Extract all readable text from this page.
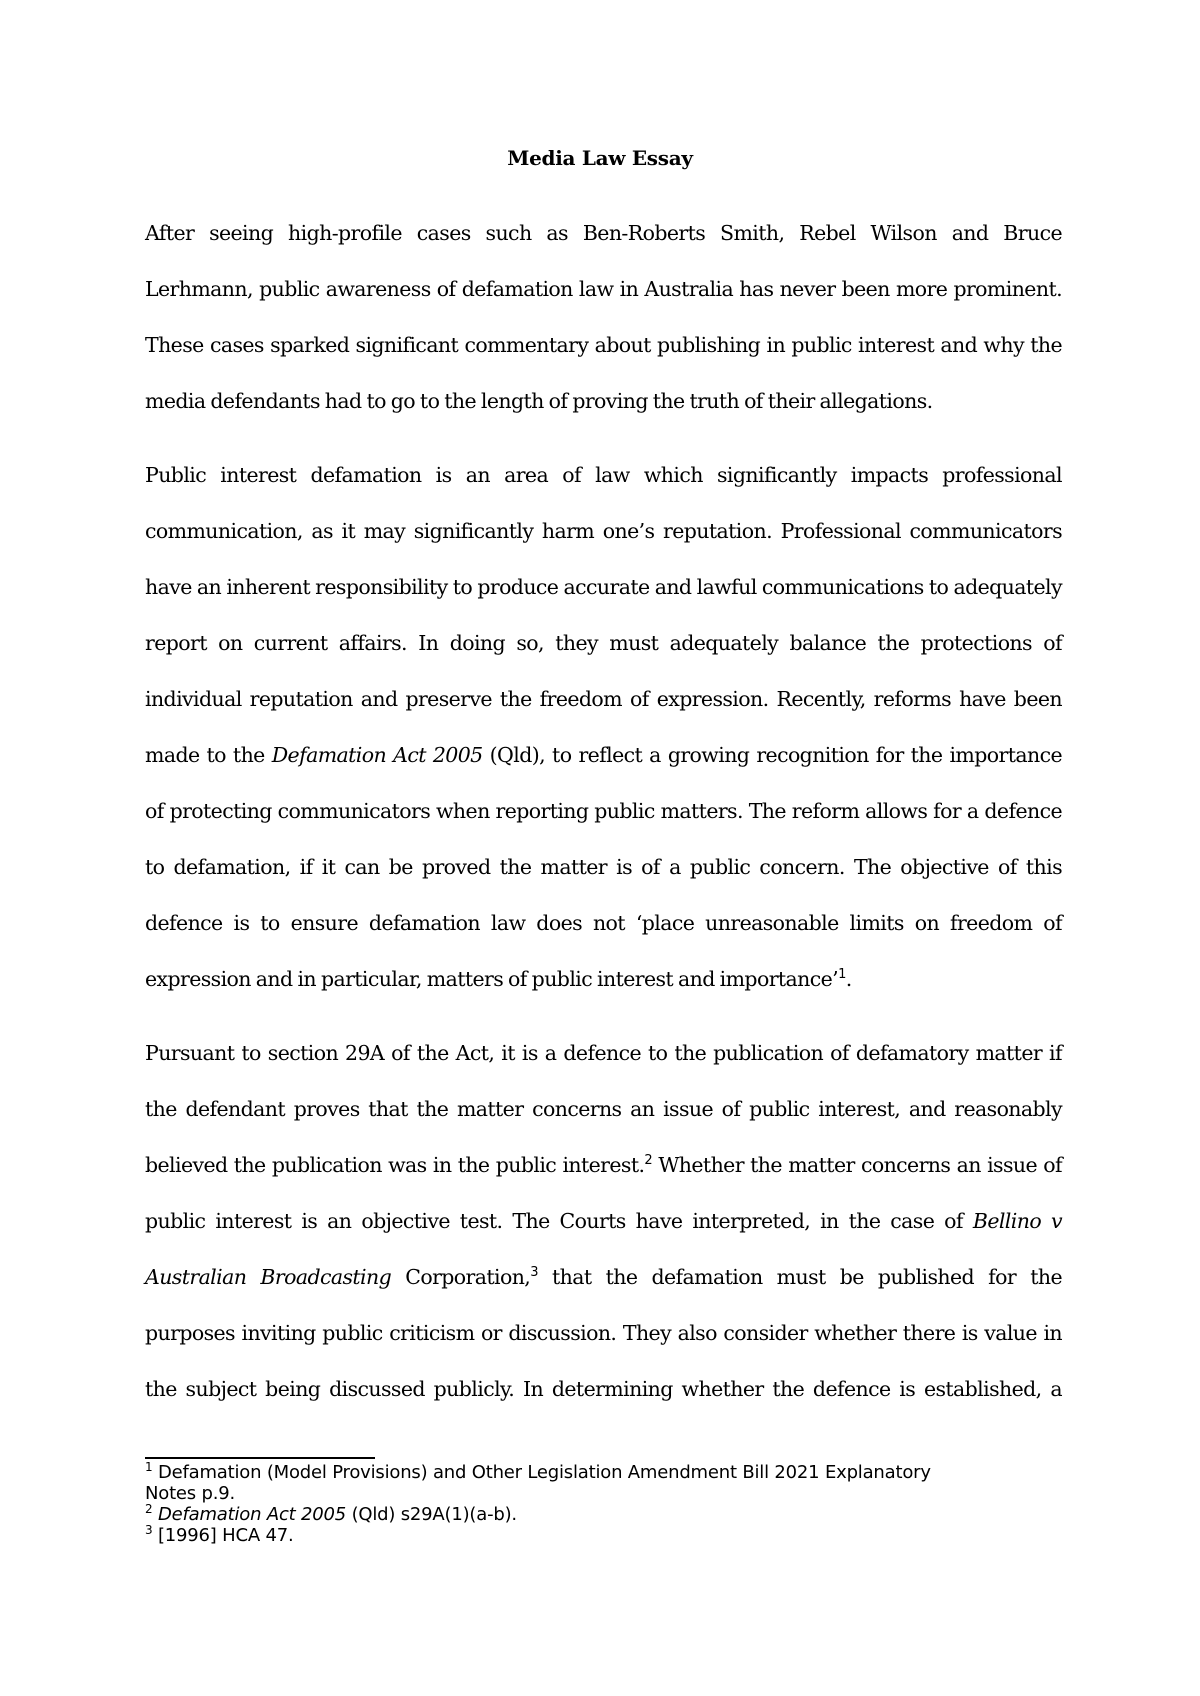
Media Law Essay
After seeing high-profile cases such as Ben-Roberts Smith, Rebel Wilson and Bruce
Lerhmann, public awareness of defamation law in Australia has never been more prominent.
These cases sparked significant commentary about publishing in public interest and why the
media defendants had to go to the length of proving the truth of their allegations.
Public interest defamation is an area of law which significantly impacts professional
communication, as it may significantly harm one’s reputation. Professional communicators
have an inherent responsibility to produce accurate and lawful communications to adequately
report on current affairs. In doing so, they must adequately balance the protections of
individual reputation and preserve the freedom of expression. Recently, reforms have been
made to the Defamation Act 2005 (Qld), to reflect a growing recognition for the importance
of protecting communicators when reporting public matters. The reform allows for a defence
to defamation, if it can be proved the matter is of a public concern. The objective of this
defence is to ensure defamation law does not ‘place unreasonable limits on freedom of
expression and in particular, matters of public interest and importance’$^1$.
Pursuant to section 29A of the Act, it is a defence to the publication of defamatory matter if
the defendant proves that the matter concerns an issue of public interest, and reasonably
believed the publication was in the public interest.$^2$ Whether the matter concerns an issue of
public interest is an objective test. The Courts have interpreted, in the case of Bellino v
Australian Broadcasting Corporation,$^3$ that the defamation must be published for the
purposes inviting public criticism or discussion. They also consider whether there is value in
the subject being discussed publicly. In determining whether the defence is established, a
$^1$ Defamation (Model Provisions) and Other Legislation Amendment Bill 2021 Explanatory
Notes p.9.
$^2$ Defamation Act 2005 (Qld) s29A(1)(a-b).
$^3$ [1996] HCA 47.
